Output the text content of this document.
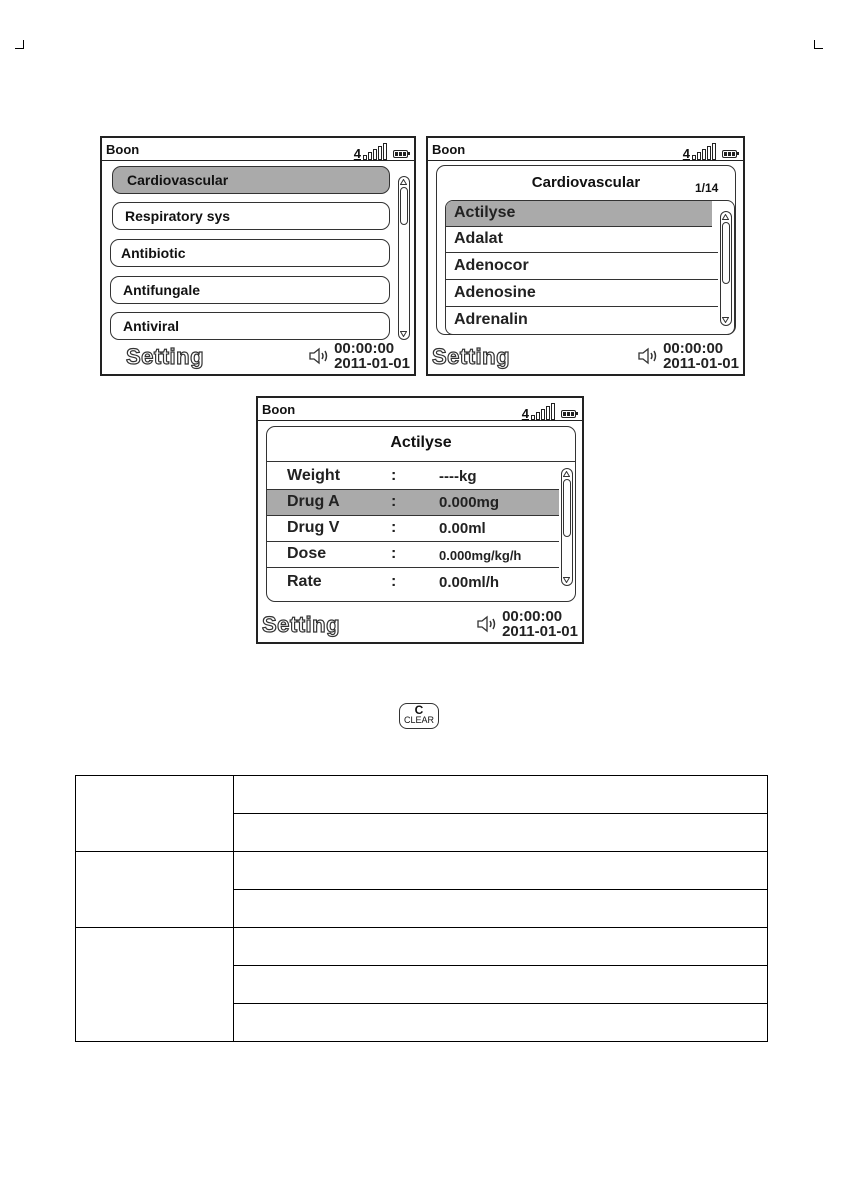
Boon	4
Cardiovascular
Respiratory sys
Antibiotic
Antifungale
Antiviral
Setting	00:00:00
2011-01-01
Boon	4
Cardiovascular	1/14
Actilyse
Adalat
Adenocor
Adenosine
Adrenalin
Setting	00:00:00
2011-01-01
Boon	4
Actilyse
Weight	:	----kg
Drug A	:	0.000mg
Drug V	:	0.00ml
Dose	:	0.000mg/kg/h
Rate	:	0.00ml/h
Setting	00:00:00
2011-01-01
C
CLEAR
